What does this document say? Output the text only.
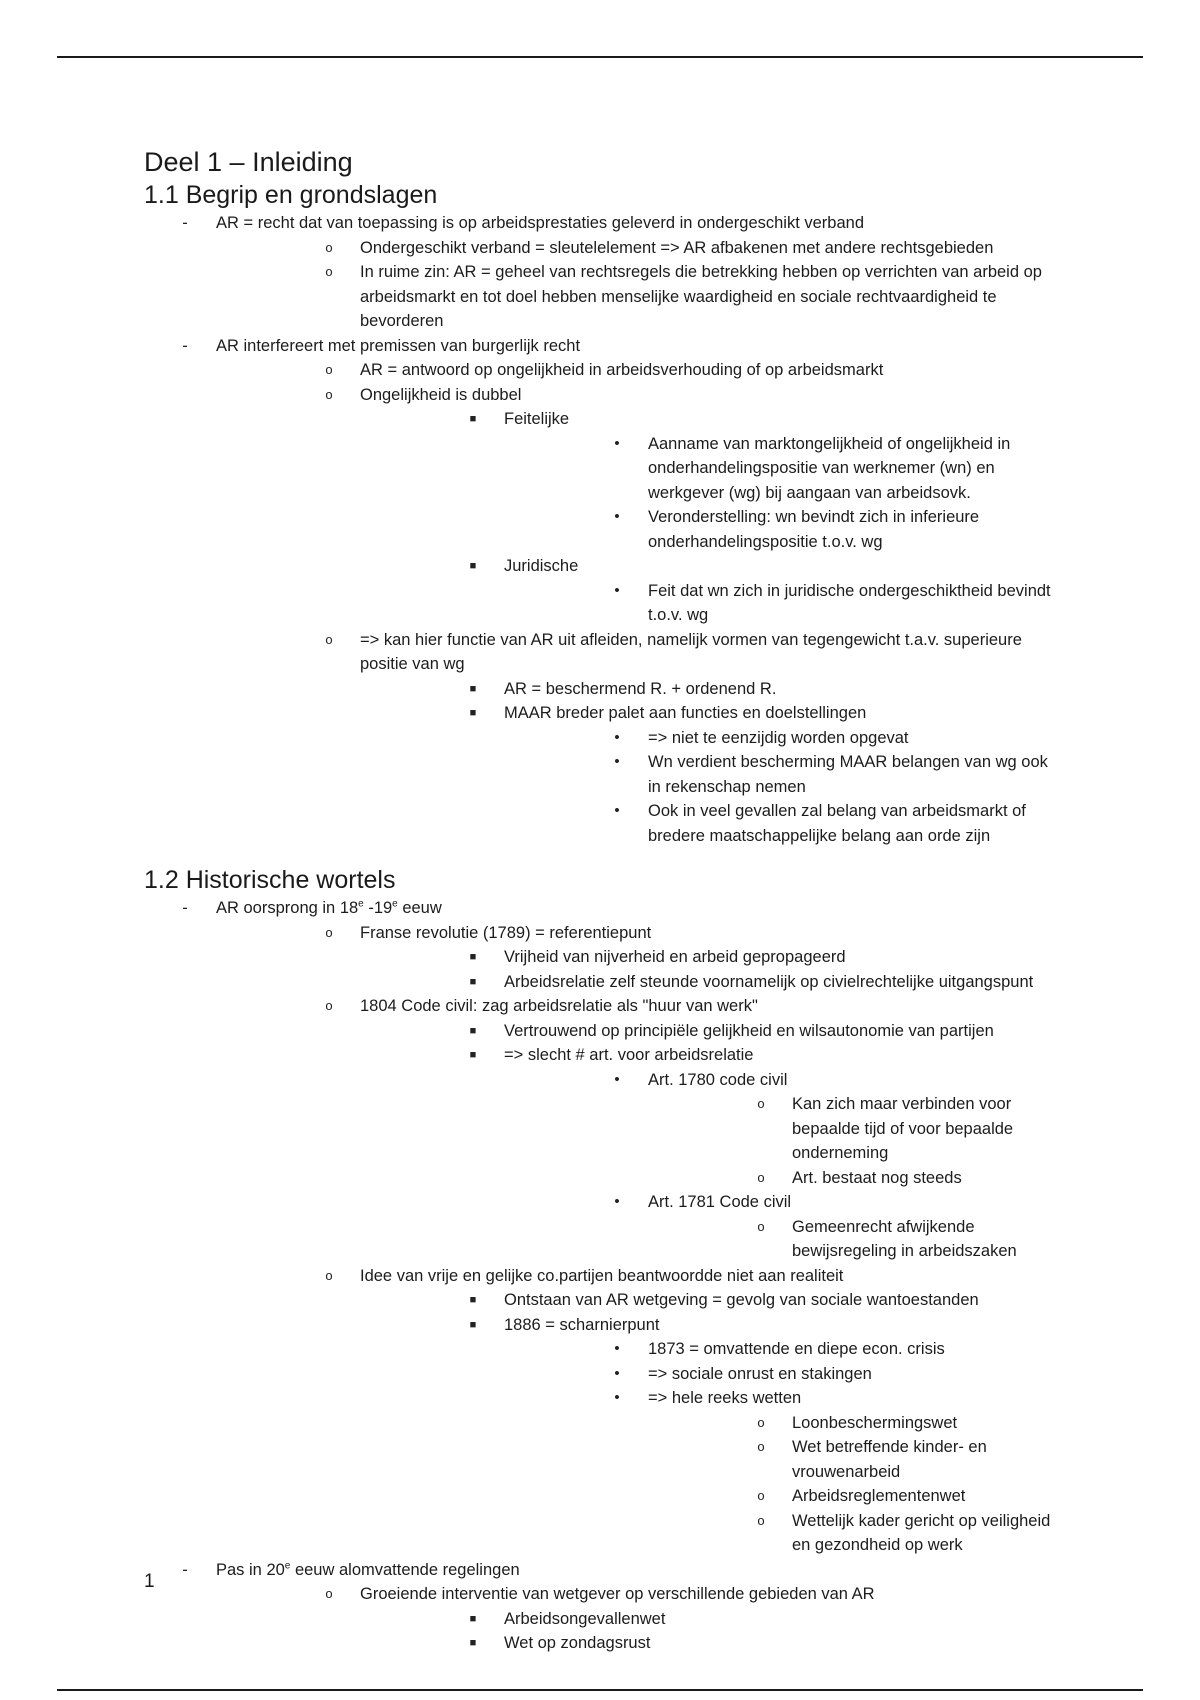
Deel 1 – Inleiding
1.1 Begrip en grondslagen
- AR = recht dat van toepassing is op arbeidsprestaties geleverd in ondergeschikt verband
o Ondergeschikt verband = sleutelelement => AR afbakenen met andere rechtsgebieden
o In ruime zin: AR = geheel van rechtsregels die betrekking hebben op verrichten van arbeid op arbeidsmarkt en tot doel hebben menselijke waardigheid en sociale rechtvaardigheid te bevorderen
- AR interfereert met premissen van burgerlijk recht
o AR = antwoord op ongelijkheid in arbeidsverhouding of op arbeidsmarkt
o Ongelijkheid is dubbel
■ Feitelijke
• Aanname van marktongelijkheid of ongelijkheid in onderhandelingspositie van werknemer (wn) en werkgever (wg) bij aangaan van arbeidsovk.
• Veronderstelling: wn bevindt zich in inferieure onderhandelingspositie t.o.v. wg
■ Juridische
• Feit dat wn zich in juridische ondergeschiktheid bevindt t.o.v. wg
o => kan hier functie van AR uit afleiden, namelijk vormen van tegengewicht t.a.v. superieure positie van wg
■ AR = beschermend R. + ordenend R.
■ MAAR breder palet aan functies en doelstellingen
• => niet te eenzijdig worden opgevat
• Wn verdient bescherming MAAR belangen van wg ook in rekenschap nemen
• Ook in veel gevallen zal belang van arbeidsmarkt of bredere maatschappelijke belang aan orde zijn
1.2 Historische wortels
- AR oorsprong in 18e -19e eeuw
o Franse revolutie (1789) = referentiepunt
■ Vrijheid van nijverheid en arbeid gepropageerd
■ Arbeidsrelatie zelf steunde voornamelijk op civielrechtelijke uitgangspunt
o 1804 Code civil: zag arbeidsrelatie als "huur van werk"
■ Vertrouwend op principiële gelijkheid en wilsautonomie van partijen
■ => slecht # art. voor arbeidsrelatie
• Art. 1780 code civil
o Kan zich maar verbinden voor bepaalde tijd of voor bepaalde onderneming
o Art. bestaat nog steeds
• Art. 1781 Code civil
o Gemeenrecht afwijkende bewijsregeling in arbeidszaken
o Idee van vrije en gelijke co.partijen beantwoordde niet aan realiteit
■ Ontstaan van AR wetgeving = gevolg van sociale wantoestanden
■ 1886 = scharnierpunt
• 1873 = omvattende en diepe econ. crisis
• => sociale onrust en stakingen
• => hele reeks wetten
o Loonbeschermingswet
o Wet betreffende kinder- en vrouwenarbeid
o Arbeidsreglementenwet
o Wettelijk kader gericht op veiligheid en gezondheid op werk
- Pas in 20e eeuw alomvattende regelingen
o Groeiende interventie van wetgever op verschillende gebieden van AR
■ Arbeidsongevallenwet
■ Wet op zondagsrust
1
